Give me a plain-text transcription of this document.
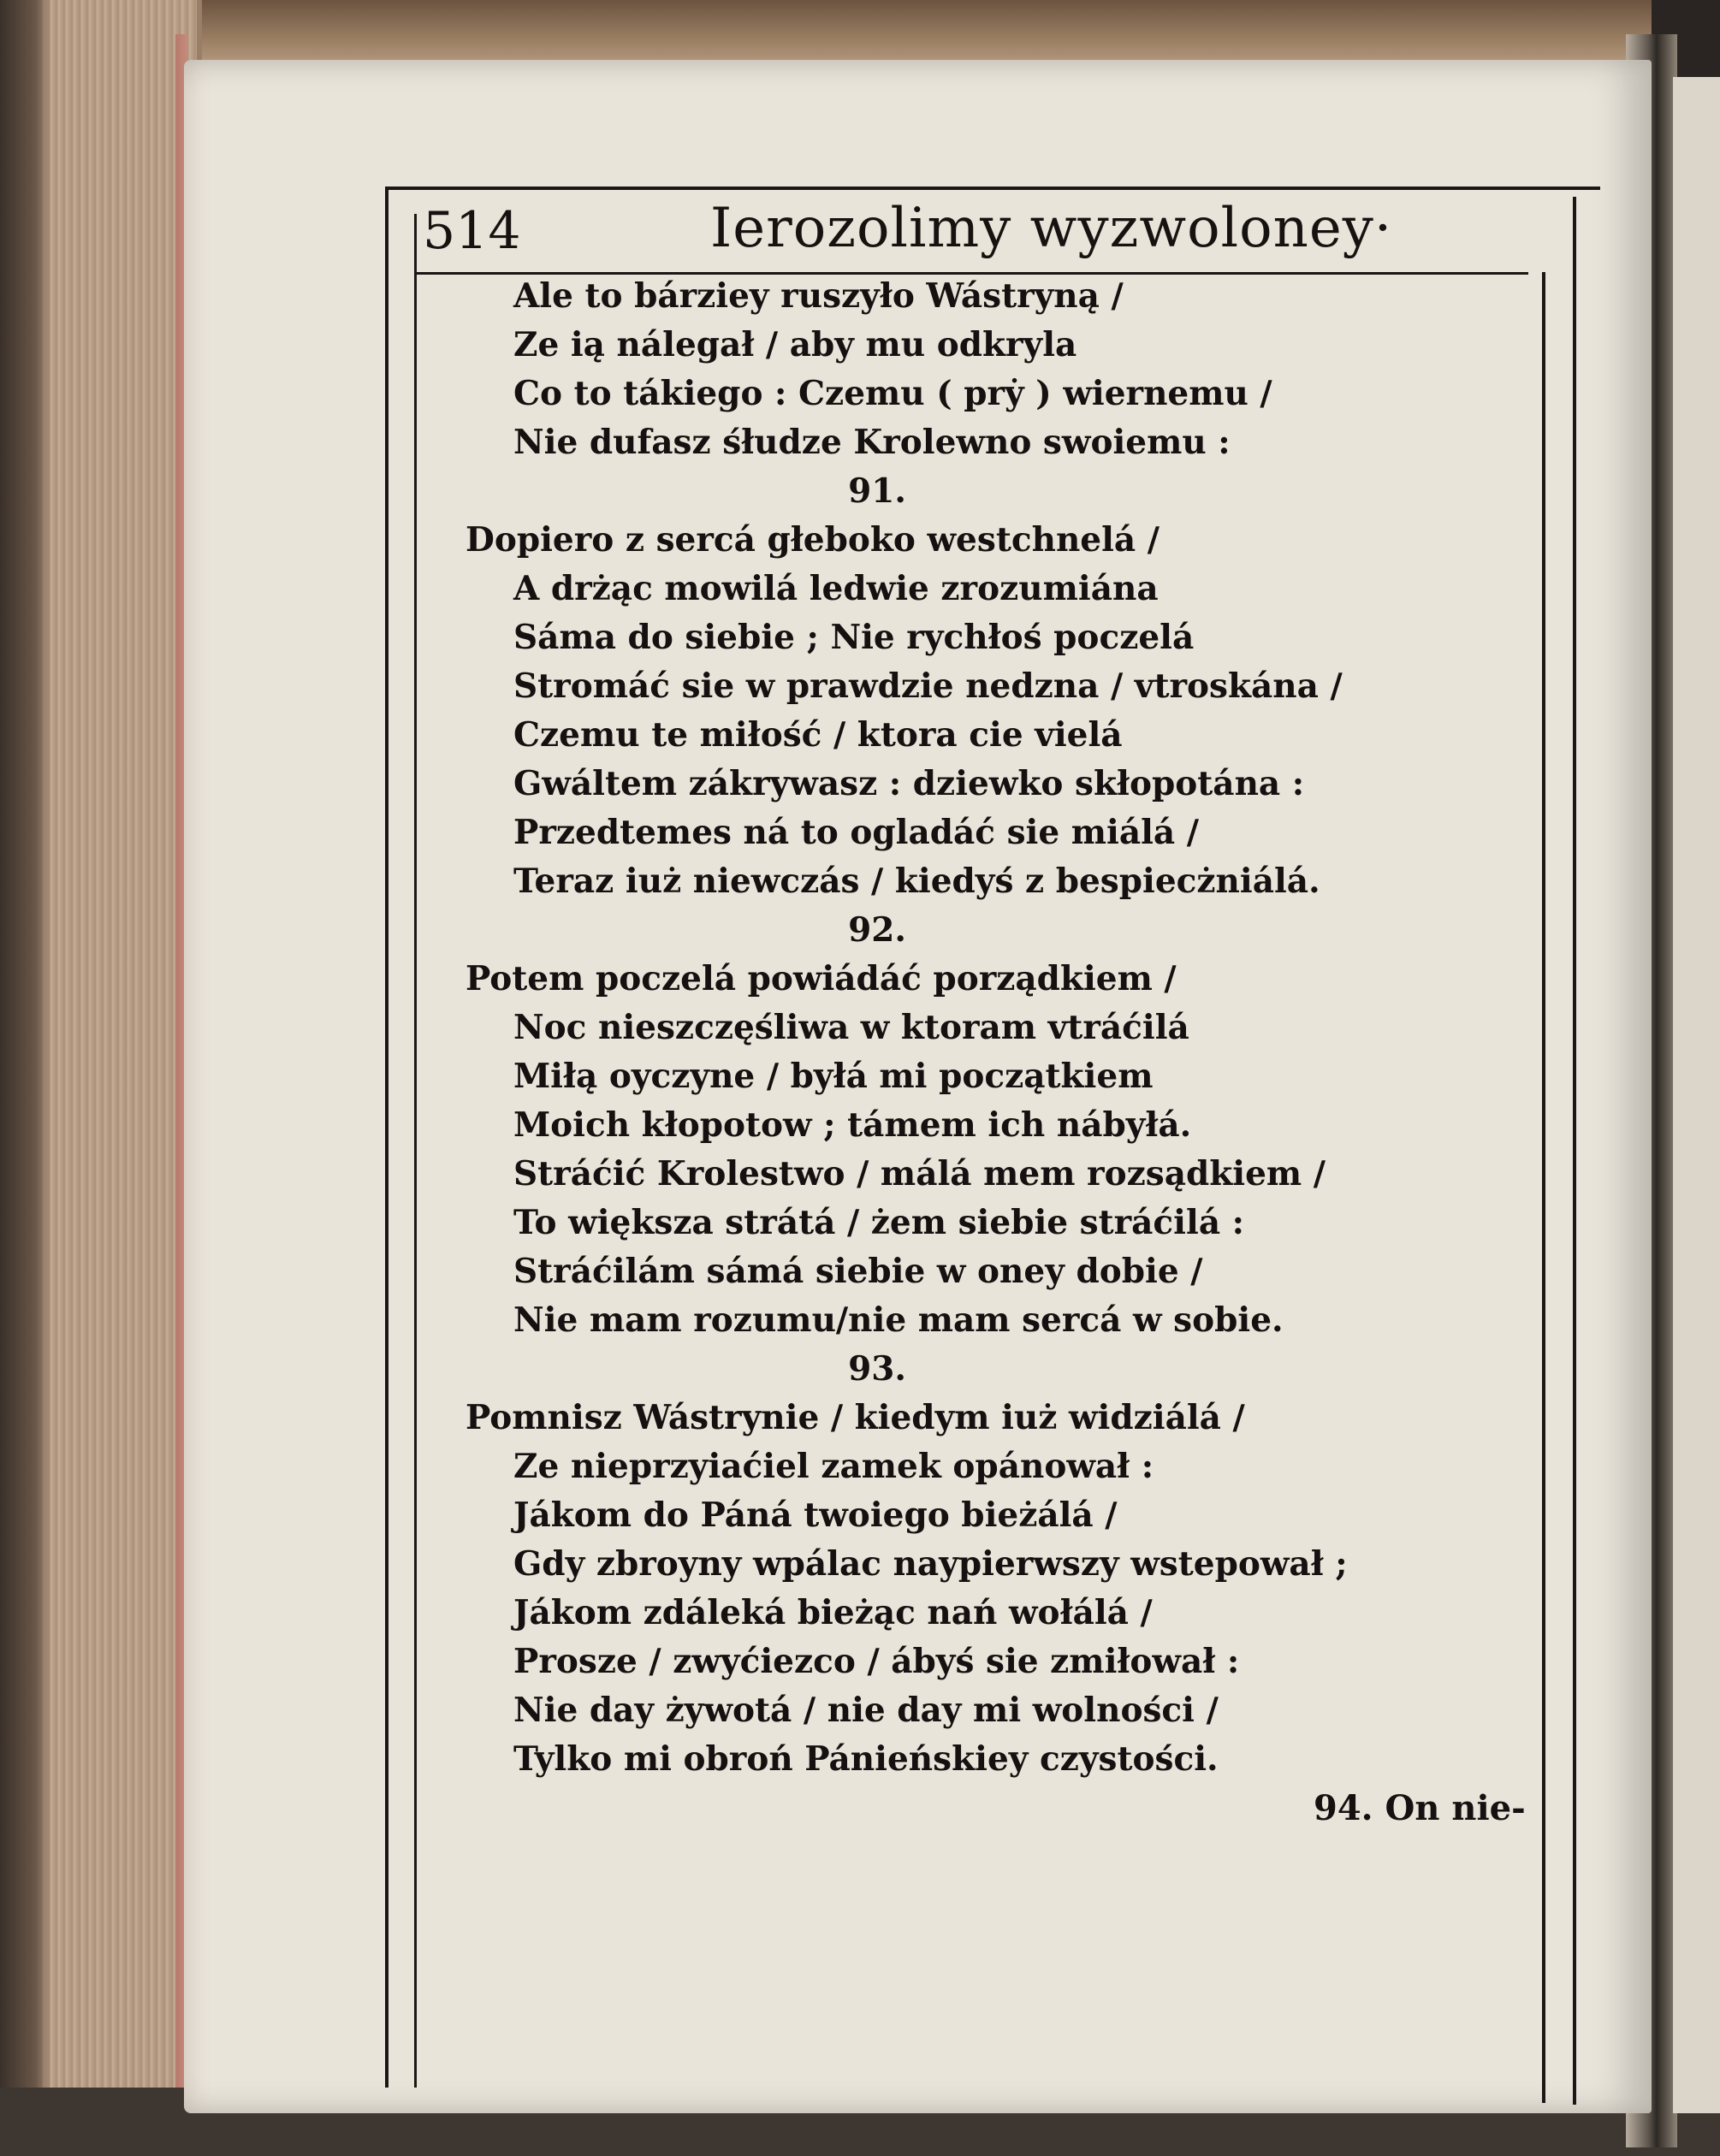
514	Ierozolimy wyzwoloney·
Ale to bárziey ruszyło Wástryną /
Ze ią nálegał / aby mu odkryla
Co to tákiego : Czemu ( prẏ ) wiernemu /
Nie dufasz śłudze Krolewno swoiemu :
91.
Dopiero z sercá głeboko westchnelá /
A drżąc mowilá ledwie zrozumiána
Sáma do siebie ; Nie rychłoś poczelá
Stromáć sie w prawdzie nedzna / vtroskána /
Czemu te miłość / ktora cie vielá
Gwáltem zákrywasz : dziewko skłopotána :
Przedtemes ná to ogladáć sie miálá /
Teraz iuż niewczás / kiedyś z bespiecżniálá.
92.
Potem poczelá powiádáć porządkiem /
Noc nieszczęśliwa w ktoram vtráćilá
Miłą oyczyne / byłá mi początkiem
Moich kłopotow ; támem ich nábyłá.
Stráćić Krolestwo / málá mem rozsądkiem /
To większa strátá / żem siebie stráćilá :
Stráćilám sámá siebie w oney dobie /
Nie mam rozumu/nie mam sercá w sobie.
93.
Pomnisz Wástrynie / kiedym iuż widziálá /
Ze nieprzyiaćiel zamek opánował :
Jákom do Páná twoiego bieżálá /
Gdy zbroyny wpálac naypierwszy wstepował ;
Jákom zdáleká bieżąc nań wołálá /
Prosze / zwyćiezco / ábyś sie zmiłował :
Nie day żywotá / nie day mi wolności /
Tylko mi obroń Pánieńskiey czystości.
94. On nie-
